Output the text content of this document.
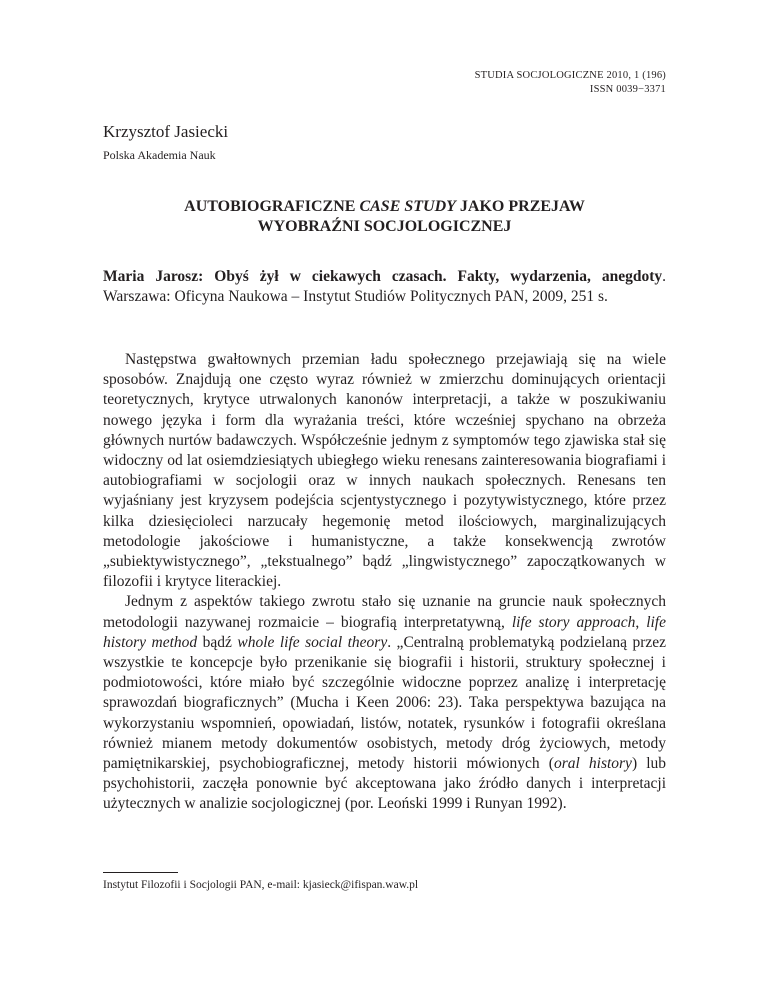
STUDIA SOCJOLOGICZNE 2010, 1 (196)
ISSN 0039−3371
Krzysztof Jasiecki
Polska Akademia Nauk
AUTOBIOGRAFICZNE CASE STUDY JAKO PRZEJAW
WYOBRAŹNI SOCJOLOGICZNEJ
Maria Jarosz: Obyś żył w ciekawych czasach. Fakty, wydarzenia, anegdoty. Warszawa: Oficyna Naukowa – Instytut Studiów Politycznych PAN, 2009, 251 s.

Następstwa gwałtownych przemian ładu społecznego przejawiają się na wiele sposobów. Znajdują one często wyraz również w zmierzchu dominujących orientacji teoretycznych, krytyce utrwalonych kanonów interpretacji, a także w poszukiwaniu nowego języka i form dla wyrażania treści, które wcześniej spychano na obrzeża głównych nurtów badawczych. Współcześnie jednym z symptomów tego zjawiska stał się widoczny od lat osiemdziesiątych ubiegłego wieku renesans zainteresowania biografiami i autobiografiami w socjologii oraz w innych naukach społecznych. Renesans ten wyjaśniany jest kryzysem podejścia scjentystycznego i pozytywistycznego, które przez kilka dziesięcioleci narzucały hegemonię metod ilościowych, marginalizujących metodologie jakościowe i humanistyczne, a także konsekwencją zwrotów „subiektywistycznego”, „tekstualnego” bądź „lingwistycznego” zapoczątkowanych w filozofii i krytyce literackiej.

Jednym z aspektów takiego zwrotu stało się uznanie na gruncie nauk społecznych metodologii nazywanej rozmaicie – biografią interpretatywną, life story approach, life history method bądź whole life social theory. „Centralną problematyką podzielaną przez wszystkie te koncepcje było przenikanie się biografii i historii, struktury społecznej i podmiotowości, które miało być szczególnie widoczne poprzez analizę i interpretację sprawozdań biograficznych” (Mucha i Keen 2006: 23). Taka perspektywa bazująca na wykorzystaniu wspomnień, opowiadań, listów, notatek, rysunków i fotografii określana również mianem metody dokumentów osobistych, metody dróg życiowych, metody pamiętnikarskiej, psychobiograficznej, metody historii mówionych (oral history) lub psychohistorii, zaczęła ponownie być akceptowana jako źródło danych i interpretacji użytecznych w analizie socjologicznej (por. Leoński 1999 i Runyan 1992).

Instytut Filozofii i Socjologii PAN, e-mail: kjasieck@ifispan.waw.pl
